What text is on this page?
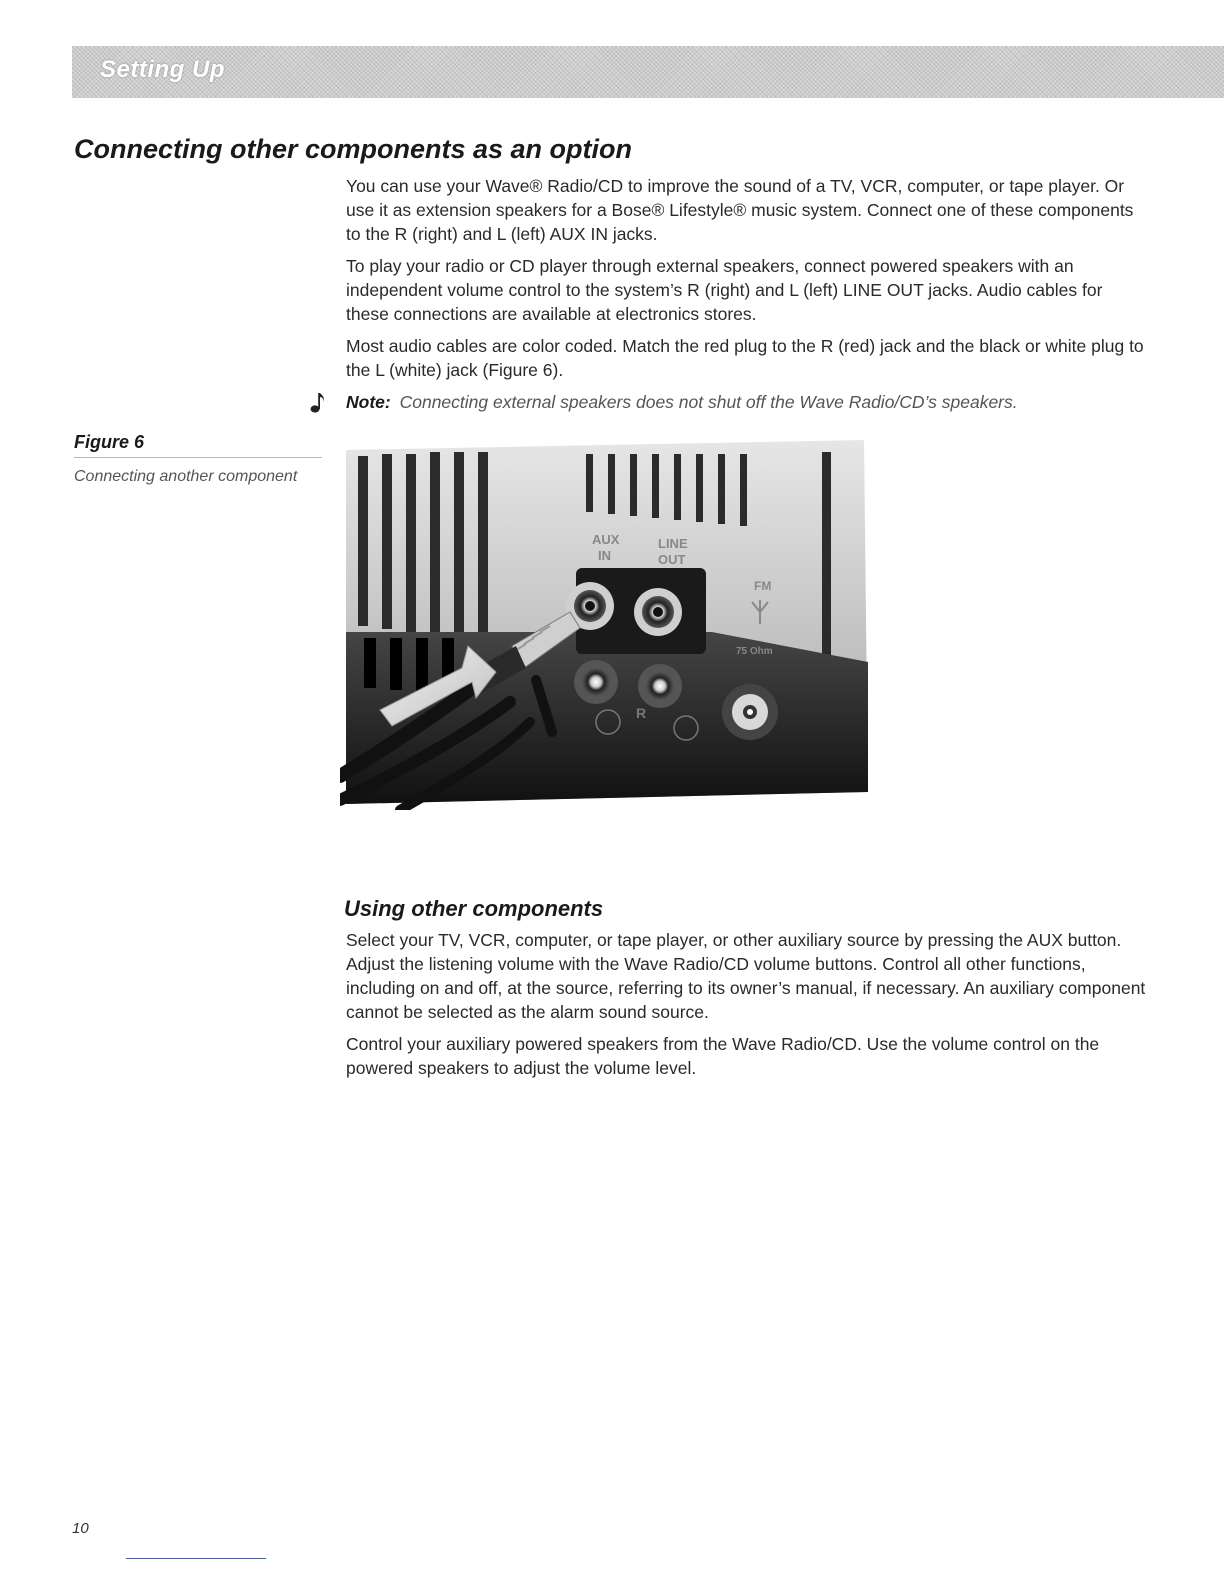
Setting Up
Connecting other components as an option

You can use your Wave® Radio/CD to improve the sound of a TV, VCR, computer, or tape player. Or use it as extension speakers for a Bose® Lifestyle® music system. Connect one of these components to the R (right) and L (left) AUX IN jacks.

To play your radio or CD player through external speakers, connect powered speakers with an independent volume control to the system’s R (right) and L (left) LINE OUT jacks. Audio cables for these connections are available at electronics stores.

Most audio cables are color coded. Match the red plug to the R (red) jack and the black or white plug to the L (white) jack (Figure 6).

Note: Connecting external speakers does not shut off the Wave Radio/CD’s speakers.
Figure 6
Connecting another component
AUX
IN
LINE
OUT
FM
75 Ohm
R
Using other components

Select your TV, VCR, computer, or tape player, or other auxiliary source by pressing the AUX button. Adjust the listening volume with the Wave Radio/CD volume buttons. Control all other functions, including on and off, at the source, referring to its owner’s manual, if necessary. An auxiliary component cannot be selected as the alarm sound source.

Control your auxiliary powered speakers from the Wave Radio/CD. Use the volume control on the powered speakers to adjust the volume level.

10
